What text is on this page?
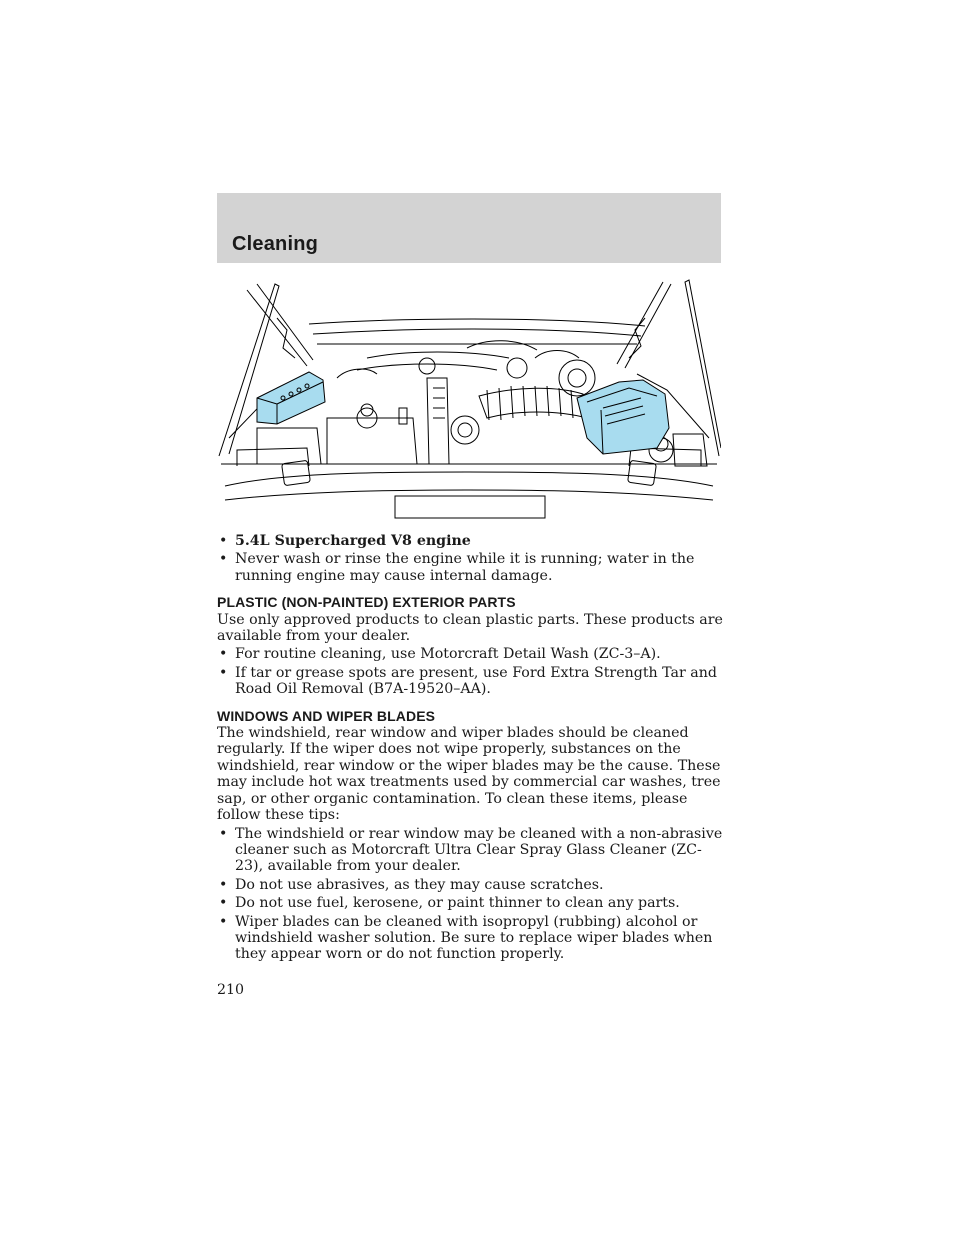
Cleaning
• 5.4L Supercharged V8 engine
• Never wash or rinse the engine while it is running; water in the running engine may cause internal damage.
PLASTIC (NON-PAINTED) EXTERIOR PARTS

Use only approved products to clean plastic parts. These products are available from your dealer.

• For routine cleaning, use Motorcraft Detail Wash (ZC-3–A).
• If tar or grease spots are present, use Ford Extra Strength Tar and Road Oil Removal (B7A-19520–AA).
WINDOWS AND WIPER BLADES

The windshield, rear window and wiper blades should be cleaned regularly. If the wiper does not wipe properly, substances on the windshield, rear window or the wiper blades may be the cause. These may include hot wax treatments used by commercial car washes, tree sap, or other organic contamination. To clean these items, please follow these tips:

• The windshield or rear window may be cleaned with a non-abrasive cleaner such as Motorcraft Ultra Clear Spray Glass Cleaner (ZC-23), available from your dealer.
• Do not use abrasives, as they may cause scratches.
• Do not use fuel, kerosene, or paint thinner to clean any parts.
• Wiper blades can be cleaned with isopropyl (rubbing) alcohol or windshield washer solution. Be sure to replace wiper blades when they appear worn or do not function properly.
210
